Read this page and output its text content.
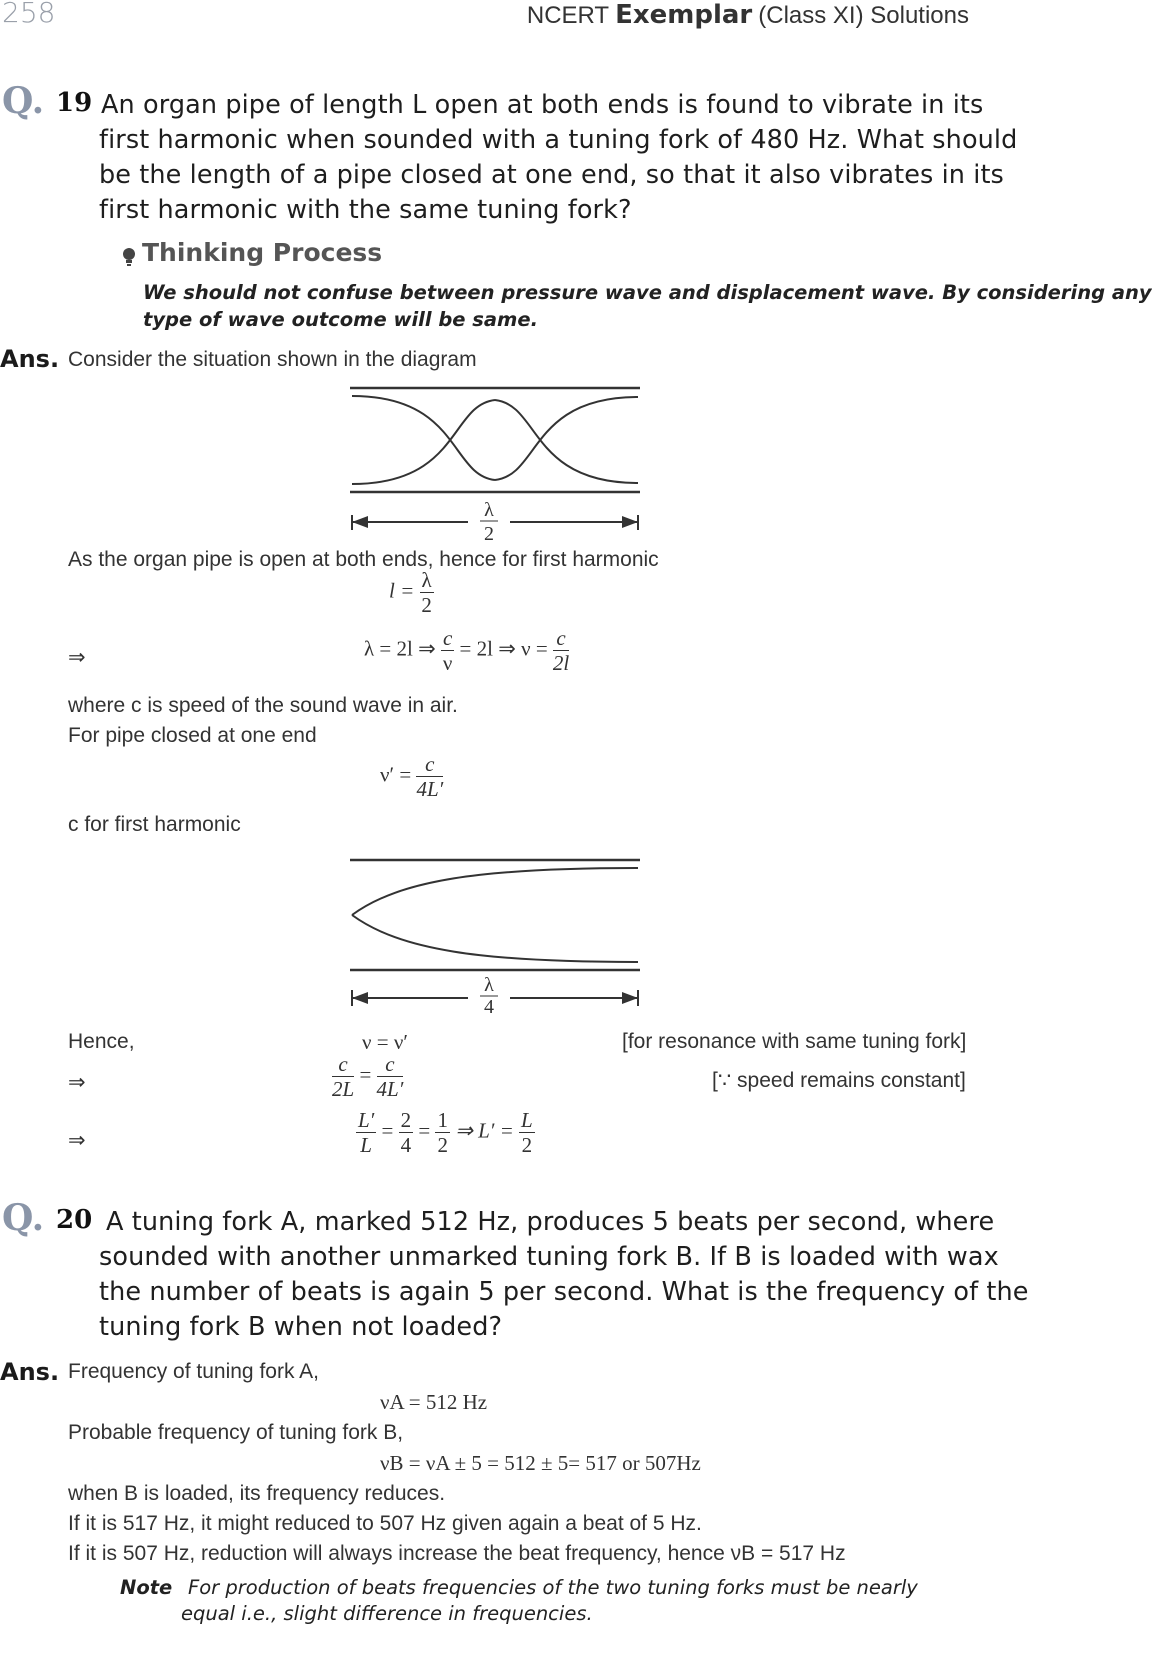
258	NCERT Exemplar (Class XI) Solutions
Q. 19 An organ pipe of length L open at both ends is found to vibrate in its
first harmonic when sounded with a tuning fork of 480 Hz. What should
be the length of a pipe closed at one end, so that it also vibrates in its
first harmonic with the same tuning fork?
Thinking Process
We should not confuse between pressure wave and displacement wave. By considering any
type of wave outcome will be same.
Ans. Consider the situation shown in the diagram
λ
2
As the organ pipe is open at both ends, hence for first harmonic
$l = \frac{\lambda}{2}$
⇒	λ = 2l ⇒ $\frac{c}{\nu} = 2l$ ⇒ $\nu = \frac{c}{2l}$
where c is speed of the sound wave in air.
For pipe closed at one end
$\nu' = \frac{c}{4L'}$
c for first harmonic
λ
4
Hence,	ν = ν′	[for resonance with same tuning fork]
⇒	$\frac{c}{2L} = \frac{c}{4L'}$	[∵ speed remains constant]
⇒	$\frac{L'}{L} = \frac{2}{4} = \frac{1}{2}$ ⇒ $L' = \frac{L}{2}$
Q. 20 A tuning fork A, marked 512 Hz, produces 5 beats per second, where
sounded with another unmarked tuning fork B. If B is loaded with wax
the number of beats is again 5 per second. What is the frequency of the
tuning fork B when not loaded?
Ans. Frequency of tuning fork A,
νA = 512 Hz
Probable frequency of tuning fork B,
νB = νA ± 5 = 512 ± 5= 517 or 507Hz
when B is loaded, its frequency reduces.
If it is 517 Hz, it might reduced to 507 Hz given again a beat of 5 Hz.
If it is 507 Hz, reduction will always increase the beat frequency, hence νB = 517 Hz
Note For production of beats frequencies of the two tuning forks must be nearly
equal i.e., slight difference in frequencies.
